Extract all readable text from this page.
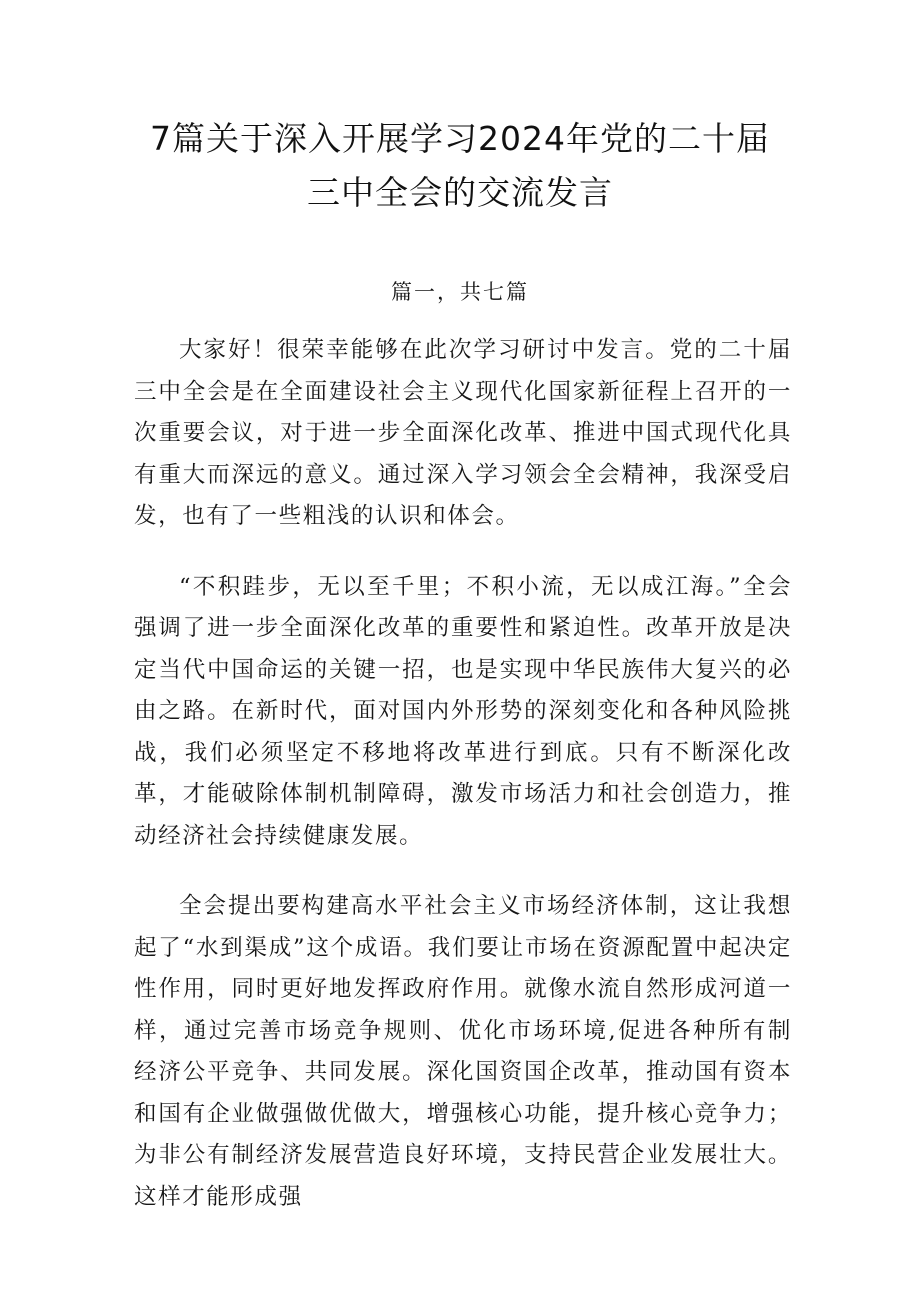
7篇关于深入开展学习2024年党的二十届
三中全会的交流发言
篇一，共七篇

大家好！很荣幸能够在此次学习研讨中发言。党的二十届三中全会是在全面建设社会主义现代化国家新征程上召开的一次重要会议，对于进一步全面深化改革、推进中国式现代化具有重大而深远的意义。通过深入学习领会全会精神，我深受启发，也有了一些粗浅的认识和体会。

“不积跬步，无以至千里；不积小流，无以成江海。”全会强调了进一步全面深化改革的重要性和紧迫性。改革开放是决定当代中国命运的关键一招，也是实现中华民族伟大复兴的必由之路。在新时代，面对国内外形势的深刻变化和各种风险挑战，我们必须坚定不移地将改革进行到底。只有不断深化改革，才能破除体制机制障碍，激发市场活力和社会创造力，推动经济社会持续健康发展。

全会提出要构建高水平社会主义市场经济体制，这让我想起了“水到渠成”这个成语。我们要让市场在资源配置中起决定性作用，同时更好地发挥政府作用。就像水流自然形成河道一样，通过完善市场竞争规则、优化市场环境,促进各种所有制经济公平竞争、共同发展。深化国资国企改革，推动国有资本和国有企业做强做优做大，增强核心功能，提升核心竞争力；为非公有制经济发展营造良好环境，支持民营企业发展壮大。这样才能形成强
